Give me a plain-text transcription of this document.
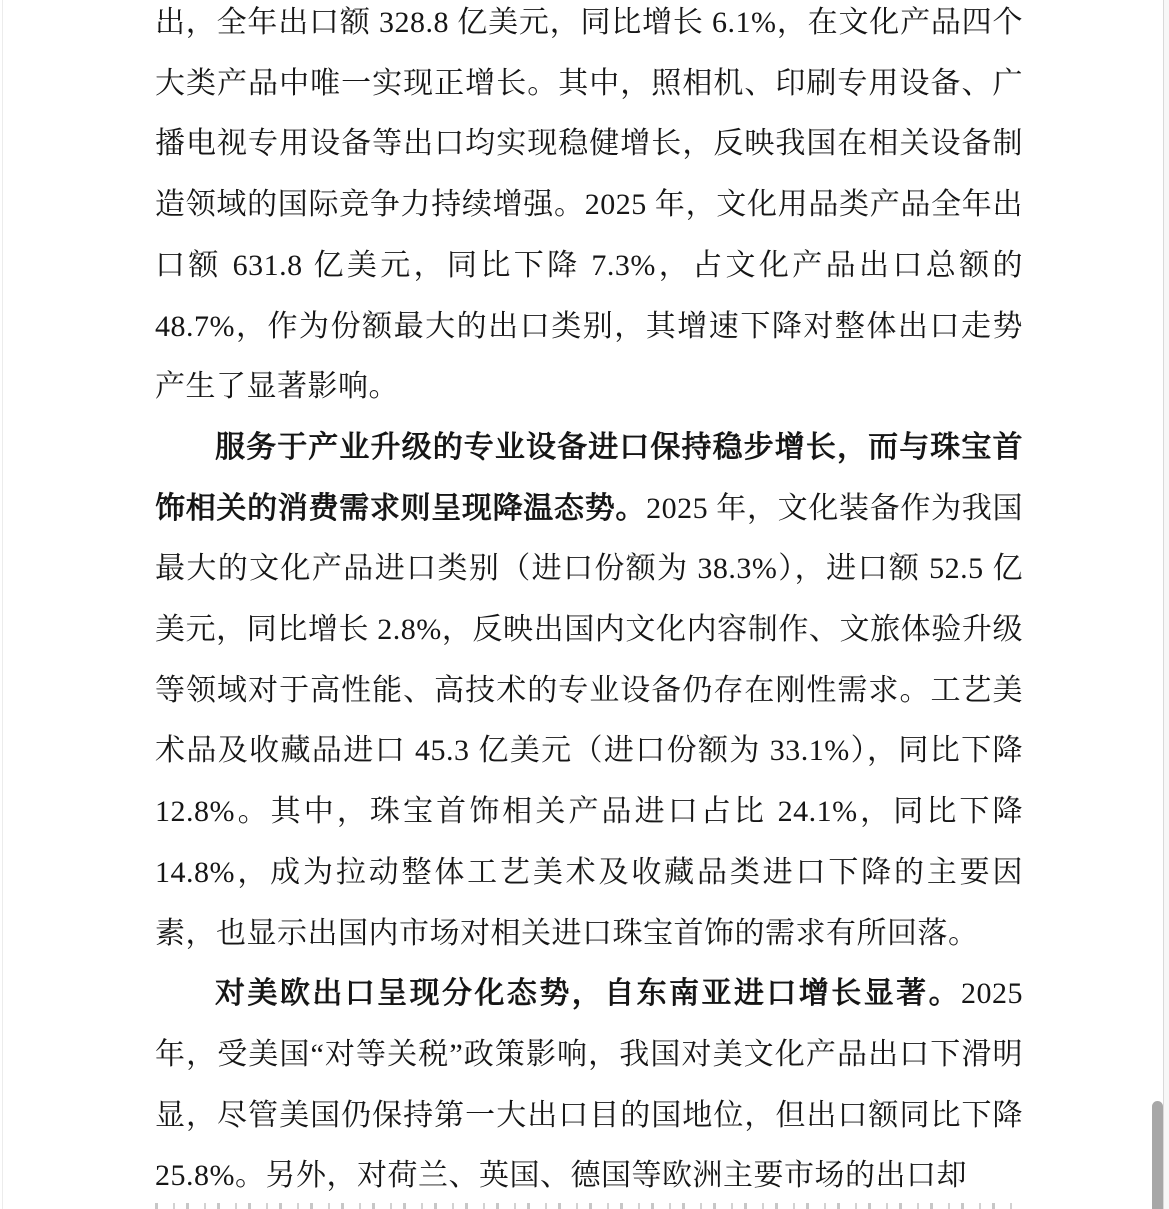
出，全年出口额 328.8 亿美元，同比增长 6.1%，在文化产品四个大类产品中唯一实现正增长。其中，照相机、印刷专用设备、广播电视专用设备等出口均实现稳健增长，反映我国在相关设备制造领域的国际竞争力持续增强。2025 年，文化用品类产品全年出口额 631.8 亿美元，同比下降 7.3%，占文化产品出口总额的 48.7%，作为份额最大的出口类别，其增速下降对整体出口走势产生了显著影响。

服务于产业升级的专业设备进口保持稳步增长，而与珠宝首饰相关的消费需求则呈现降温态势。2025 年，文化装备作为我国最大的文化产品进口类别（进口份额为 38.3%），进口额 52.5 亿美元，同比增长 2.8%，反映出国内文化内容制作、文旅体验升级等领域对于高性能、高技术的专业设备仍存在刚性需求。工艺美术品及收藏品进口 45.3 亿美元（进口份额为 33.1%），同比下降 12.8%。其中，珠宝首饰相关产品进口占比 24.1%，同比下降 14.8%，成为拉动整体工艺美术及收藏品类进口下降的主要因素，也显示出国内市场对相关进口珠宝首饰的需求有所回落。

对美欧出口呈现分化态势，自东南亚进口增长显著。2025 年，受美国“对等关税”政策影响，我国对美文化产品出口下滑明显，尽管美国仍保持第一大出口目的国地位，但出口额同比下降 25.8%。另外，对荷兰、英国、德国等欧洲主要市场的出口却
